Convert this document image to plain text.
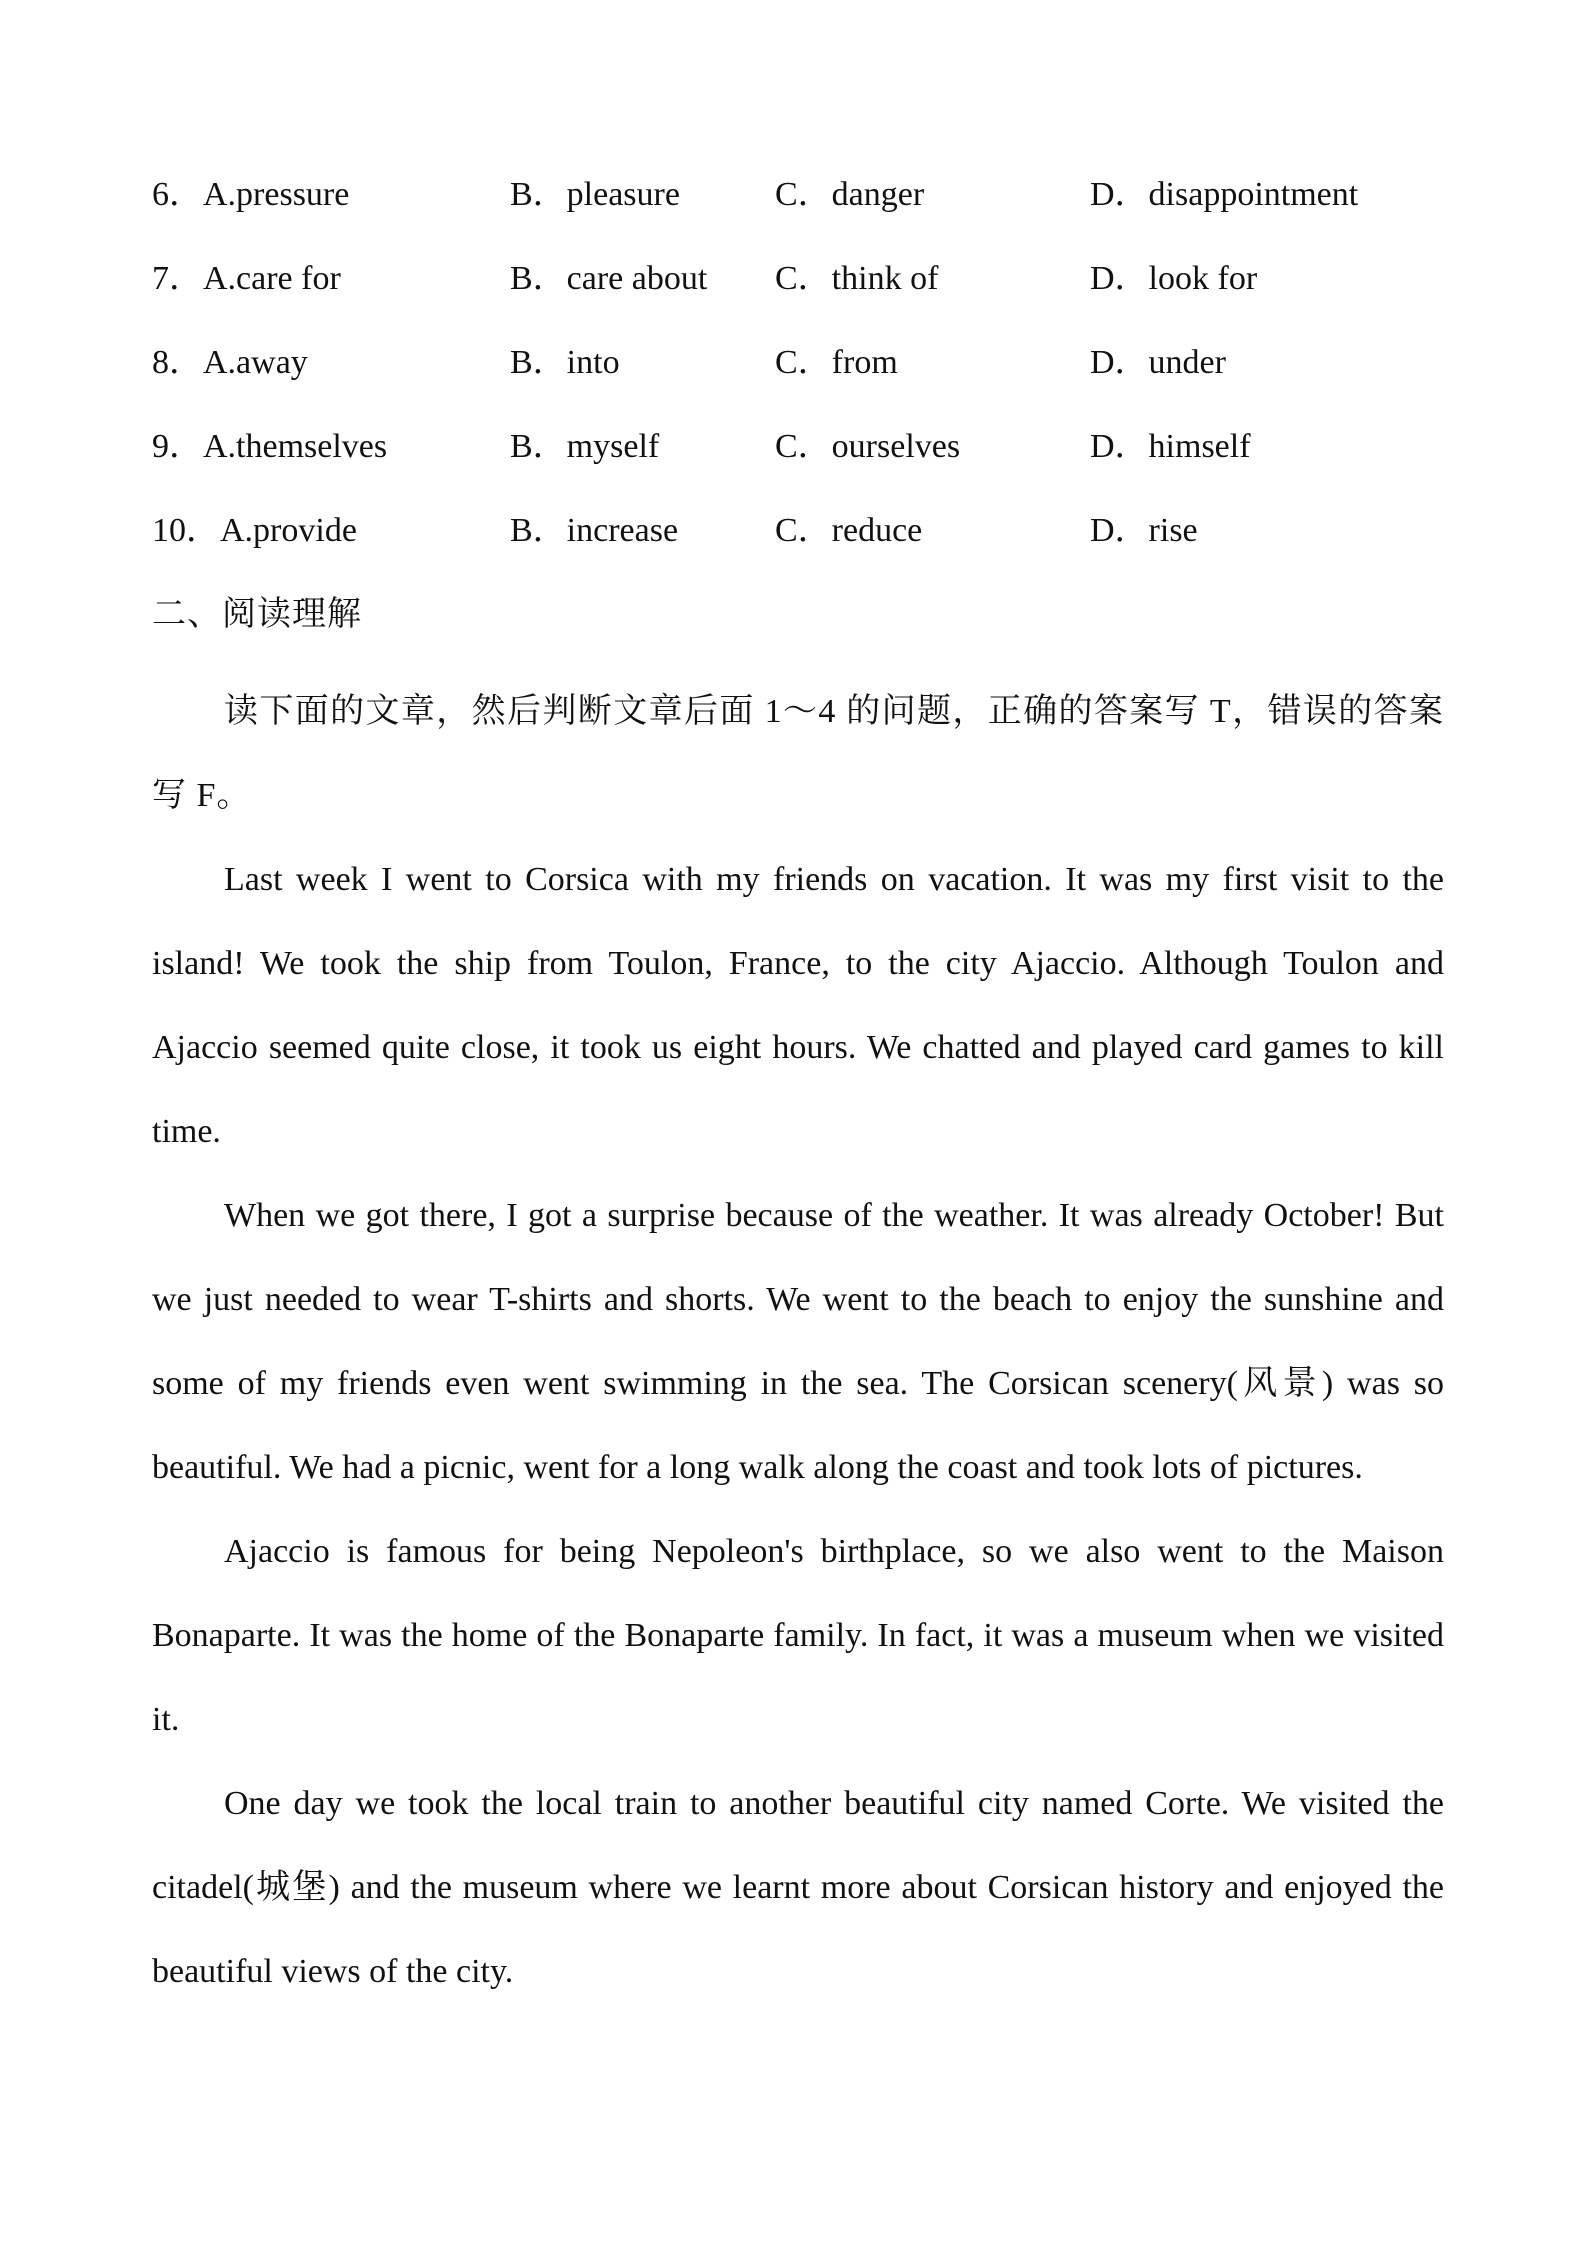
6．A.pressure	B．pleasure	C．danger	D．disappointment
7．A.care for	B．care about	C．think of	D．look for
8．A.away	B．into	C．from	D．under
9．A.themselves	B．myself	C．ourselves	D．himself
10．A.provide	B．increase	C．reduce	D．rise
二、阅读理解

读下面的文章，然后判断文章后面 1～4 的问题，正确的答案写 T，错误的答案写 F。

Last week I went to Corsica with my friends on vacation. It was my first visit to the island! We took the ship from Toulon, France, to the city Ajaccio. Although Toulon and Ajaccio seemed quite close, it took us eight hours. We chatted and played card games to kill time.

When we got there, I got a surprise because of the weather. It was already October! But we just needed to wear T-shirts and shorts. We went to the beach to enjoy the sunshine and some of my friends even went swimming in the sea. The Corsican scenery(风景) was so beautiful. We had a picnic, went for a long walk along the coast and took lots of pictures.

Ajaccio is famous for being Nepoleon's birthplace, so we also went to the Maison Bonaparte. It was the home of the Bonaparte family. In fact, it was a museum when we visited it.

One day we took the local train to another beautiful city named Corte. We visited the citadel(城堡) and the museum where we learnt more about Corsican history and enjoyed the beautiful views of the city.
